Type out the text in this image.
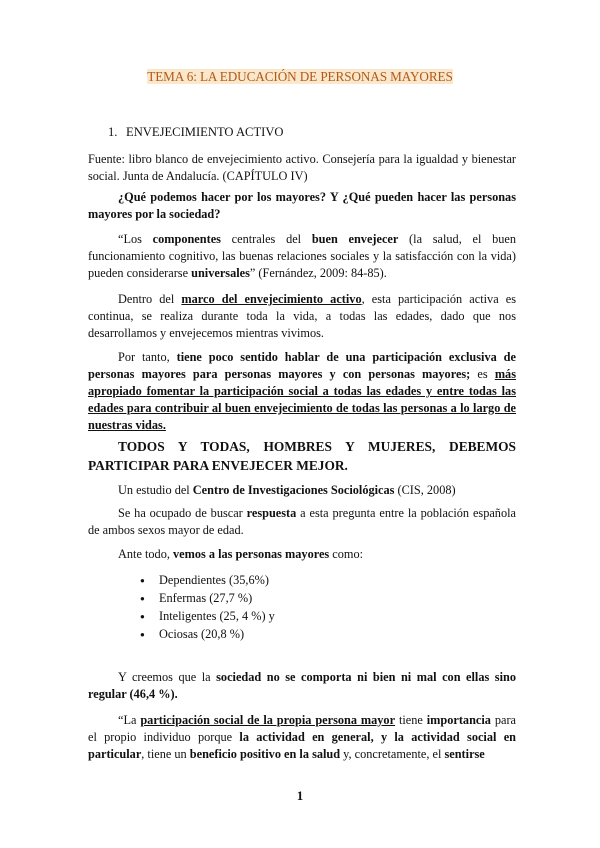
TEMA 6: LA EDUCACIÓN DE PERSONAS MAYORES

1. ENVEJECIMIENTO ACTIVO

Fuente: libro blanco de envejecimiento activo. Consejería para la igualdad y bienestar social. Junta de Andalucía. (CAPÍTULO IV)

¿Qué podemos hacer por los mayores? Y ¿Qué pueden hacer las personas mayores por la sociedad?

“Los componentes centrales del buen envejecer (la salud, el buen funcionamiento cognitivo, las buenas relaciones sociales y la satisfacción con la vida) pueden considerarse universales” (Fernández, 2009: 84-85).

Dentro del marco del envejecimiento activo, esta participación activa es continua, se realiza durante toda la vida, a todas las edades, dado que nos desarrollamos y envejecemos mientras vivimos.

Por tanto, tiene poco sentido hablar de una participación exclusiva de personas mayores para personas mayores y con personas mayores; es más apropiado fomentar la participación social a todas las edades y entre todas las edades para contribuir al buen envejecimiento de todas las personas a lo largo de nuestras vidas.

TODOS Y TODAS, HOMBRES Y MUJERES, DEBEMOS PARTICIPAR PARA ENVEJECER MEJOR.

Un estudio del Centro de Investigaciones Sociológicas (CIS, 2008)

Se ha ocupado de buscar respuesta a esta pregunta entre la población española de ambos sexos mayor de edad.

Ante todo, vemos a las personas mayores como:

● Dependientes (35,6%)
● Enfermas (27,7 %)
● Inteligentes (25, 4 %) y
● Ociosas (20,8 %)

Y creemos que la sociedad no se comporta ni bien ni mal con ellas sino regular (46,4 %).

“La participación social de la propia persona mayor tiene importancia para el propio individuo porque la actividad en general, y la actividad social en particular, tiene un beneficio positivo en la salud y, concretamente, el sentirse

1
